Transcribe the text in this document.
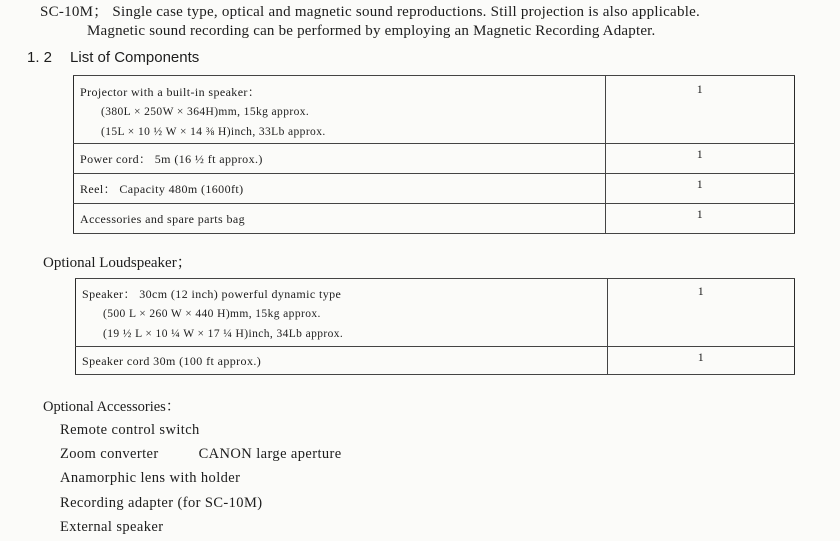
SC-10M； Single case type, optical and magnetic sound reproductions. Still projection is also applicable.
Magnetic sound recording can be performed by employing an Magnetic Recording Adapter.
1. 2 List of Components
Projector with a built-in speaker：
(380L × 250W × 364H)mm, 15kg approx.
(15L × 10 ½ W × 14 ⅜ H)inch, 33Lb approx.	1

Power cord： 5m (16 ½ ft approx.)	1

Reel： Capacity 480m (1600ft)	1

Accessories and spare parts bag	1
Optional Loudspeaker；
Speaker： 30cm (12 inch) powerful dynamic type
(500 L × 260 W × 440 H)mm, 15kg approx.
(19 ½ L × 10 ¼ W × 17 ¼ H)inch, 34Lb approx.	1

Speaker cord 30m (100 ft approx.)	1
Optional Accessories：
Remote control switch
Zoom converter	CANON large aperture
Anamorphic lens with holder
Recording adapter (for SC-10M)
External speaker
